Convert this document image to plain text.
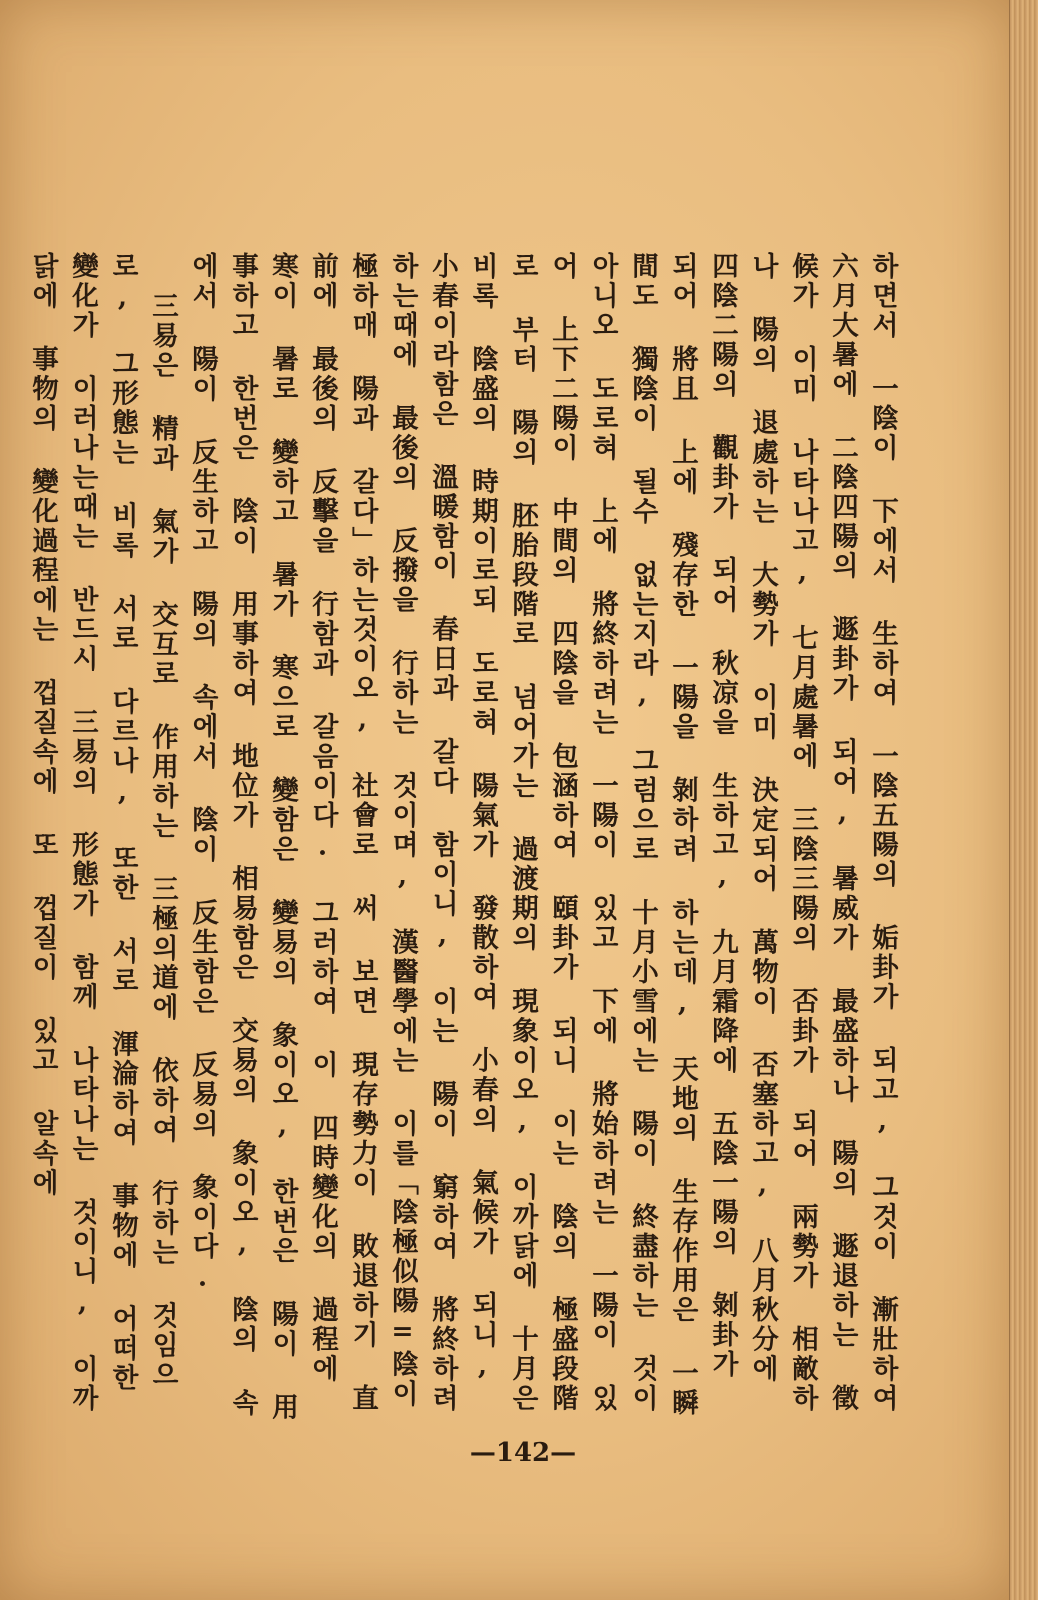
하면서 一陰이 下에서 生하여 一陰五陽의 姤卦가 되고, 그것이 漸壯하여 六月大暑에 二陰四陽의 遯卦가 되어, 暑威가 最盛하나 陽의 遯退하는 徵候가 이미 나타나고, 七月處暑에 三陰三陽의 否卦가 되어 兩勢가 相敵하나 陽의 退處하는 大勢가 이미 決定되어 萬物이 否塞하고, 八月秋分에 四陰二陽의 觀卦가 되어 秋凉을 生하고, 九月霜降에 五陰一陽의 剝卦가 되어 將且 上에 殘存한 一陽을 剝하려 하는데, 天地의 生存作用은 一瞬間도 獨陰이 될수 없는지라, 그럼으로 十月小雪에는 陽이 終盡하는 것이 아니오 도로혀 上에 將終하려는 一陽이 있고 下에 將始하려는 一陽이 있어 上下二陽이 中間의 四陰을 包涵하여 頤卦가 되니 이는 陰의 極盛段階로 부터 陽의 胚胎段階로 넘어가는 過渡期의 現象이오, 이까닭에 十月은 비록 陰盛의 時期이로되 도로혀 陽氣가 發散하여 小春의 氣候가 되니, 小春이라함은 溫暖함이 春日과 갈다 함이니, 이는 陽이 窮하여 將終하려 하는때에 最後의 反撥을 行하는 것이며, 漢醫學에는 이를「陰極似陽=陰이 極하매 陽과 갈다」하는것이오, 社會로 써 보면 現存勢力이 敗退하기 直前에 最後의 反擊을 行함과 갈음이다. 그러하여 이 四時變化의 過程에 寒이 暑로 變하고 暑가 寒으로 變함은 變易의 象이오, 한번은 陽이 用事하고 한번은 陰이 用事하여 地位가 相易함은 交易의 象이오, 陰의 속에서 陽이 反生하고 陽의 속에서 陰이 反生함은 反易의 象이다.

三易은 精과 氣가 交互로 作用하는 三極의道에 依하여 行하는 것임으로, 그形態는 비록 서로 다르나, 또한 서로 渾淪하여 事物에 어떠한 變化가 이러나는때는 반드시 三易의 形態가 함께 나타나는 것이니, 이까닭에 事物의 變化過程에는 껍질속에 또 껍질이 있고 알속에

—142—
